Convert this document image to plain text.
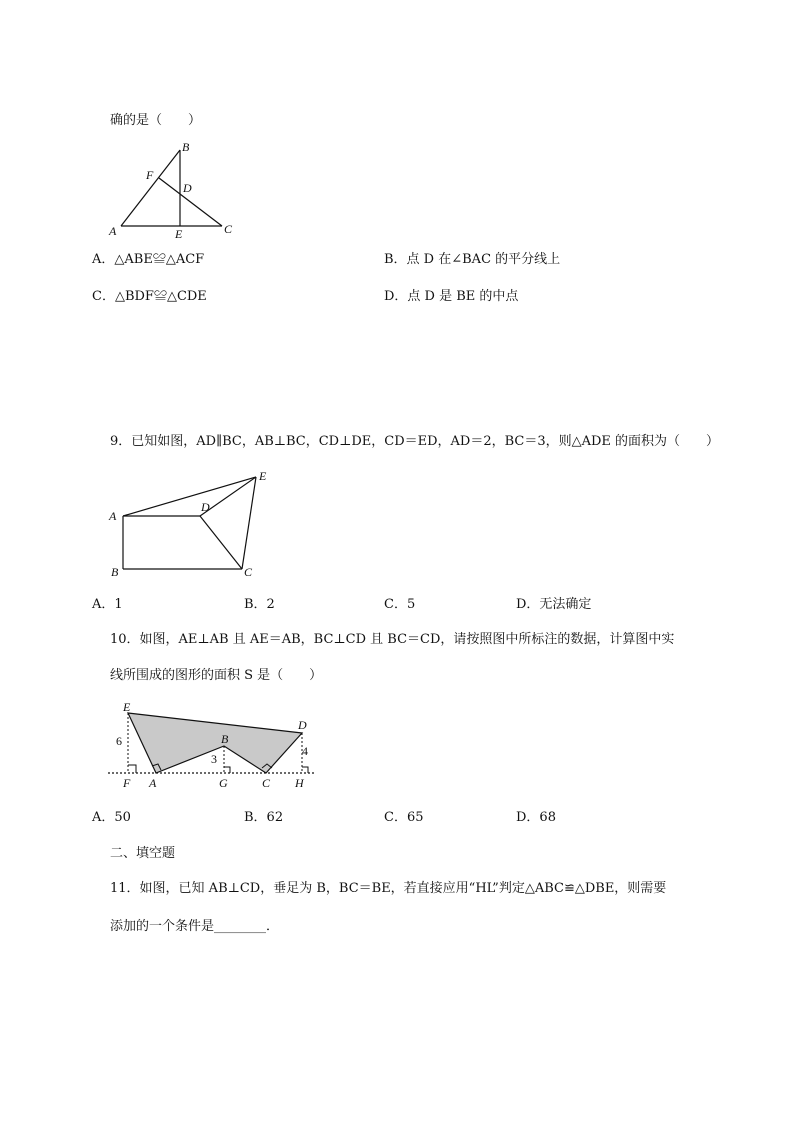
确的是（　　）
B
F
D
A	E	C
A．△ABE≌△ACF	B．点 D 在∠BAC 的平分线上
C．△BDF≌△CDE	D．点 D 是 BE 的中点
9．已知如图，AD∥BC，AB⊥BC，CD⊥DE，CD＝ED，AD＝2，BC＝3，则△ADE 的面积为（　　）
A
B	C
D
E
A．1	B．2	C．5	D．无法确定
10．如图，AE⊥AB 且 AE＝AB，BC⊥CD 且 BC＝CD，请按照图中所标注的数据，计算图中实
线所围成的图形的面积 S 是（　　）
E
B
D
6
3
4
F A	G	C H
A．50	B．62	C．65	D．68
二、填空题
11．如图，已知 AB⊥CD，垂足为 B，BC＝BE，若直接应用“HL”判定△ABC≌△DBE，则需要
添加的一个条件是________．
